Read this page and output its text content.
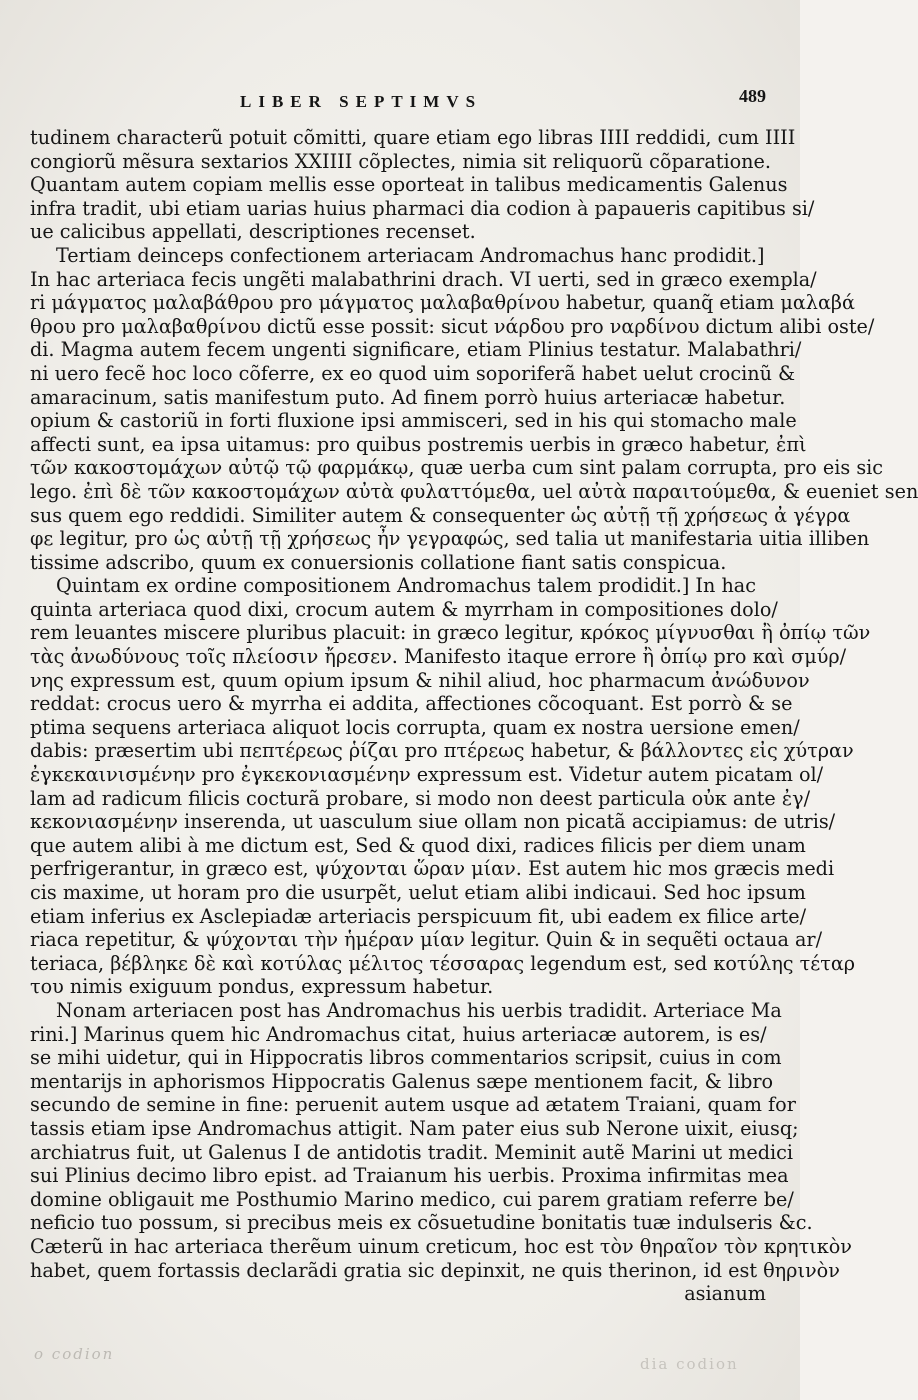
LIBER SEPTIMVS	489
tudinem characterũ potuit cõmitti, quare etiam ego libras IIII reddidi, cum IIII
congiorũ mẽsura sextarios XXIIII cõplectes, nimia sit reliquorũ cõparatione.
Quantam autem copiam mellis esse oporteat in talibus medicamentis Galenus
infra tradit, ubi etiam uarias huius pharmaci dia codion à papaueris capitibus si/
ue calicibus appellati, descriptiones recenset.
Tertiam deinceps confectionem arteriacam Andromachus hanc prodidit.]
In hac arteriaca fecis ungẽti malabathrini drach. VI uerti, sed in græco exempla/
ri μάγματος μαλαβάθρου pro μάγματος μαλαβαθρίνου habetur, quanq̃ etiam μαλαβά
θρου pro μαλαβαθρίνου dictũ esse possit: sicut νάρδου pro ναρδίνου dictum alibi oste/
di. Magma autem fecem ungenti significare, etiam Plinius testatur. Malabathri/
ni uero fecẽ hoc loco cõferre, ex eo quod uim soporiferã habet uelut crocinũ &
amaracinum, satis manifestum puto. Ad finem porrò huius arteriacæ habetur.
opium & castoriũ in forti fluxione ipsi ammisceri, sed in his qui stomacho male
affecti sunt, ea ipsa uitamus: pro quibus postremis uerbis in græco habetur, ἐπὶ
τῶν κακοστομάχων αὐτῷ τῷ φαρμάκῳ, quæ uerba cum sint palam corrupta, pro eis sic
lego. ἐπὶ δὲ τῶν κακοστομάχων αὐτὰ φυλαττόμεθα, uel αὐτὰ παραιτούμεθα, & eueniet sen
sus quem ego reddidi. Similiter autem & consequenter ὡς αὐτῇ τῇ χρήσεως ἀ γέγρα
φε legitur, pro ὡς αὐτῇ τῇ χρήσεως ἦν γεγραφώς, sed talia ut manifestaria uitia illiben
tissime adscribo, quum ex conuersionis collatione fiant satis conspicua.
Quintam ex ordine compositionem Andromachus talem prodidit.] In hac
quinta arteriaca quod dixi, crocum autem & myrrham in compositiones dolo/
rem leuantes miscere pluribus placuit: in græco legitur, κρόκος μίγνυσθαι ἢ ὀπίῳ τῶν
τὰς ἀνωδύνους τοῖς πλείοσιν ἤρεσεν. Manifesto itaque errore ἢ ὀπίῳ pro καὶ σμύρ/
νης expressum est, quum opium ipsum & nihil aliud, hoc pharmacum ἀνώδυνον
reddat: crocus uero & myrrha ei addita, affectiones cõcoquant. Est porrò & se
ptima sequens arteriaca aliquot locis corrupta, quam ex nostra uersione emen/
dabis: præsertim ubi πεπτέρεως ῥίζαι pro πτέρεως habetur, & βάλλοντες εἰς χύτραν
ἐγκεκαινισμένην pro ἐγκεκονιασμένην expressum est. Videtur autem picatam ol/
lam ad radicum filicis cocturã probare, si modo non deest particula οὐκ ante ἐγ/
κεκονιασμένην inserenda, ut uasculum siue ollam non picatã accipiamus: de utris/
que autem alibi à me dictum est, Sed & quod dixi, radices filicis per diem unam
perfrigerantur, in græco est, ψύχονται ὥραν μίαν. Est autem hic mos græcis medi
cis maxime, ut horam pro die usurpẽt, uelut etiam alibi indicaui. Sed hoc ipsum
etiam inferius ex Asclepiadæ arteriacis perspicuum fit, ubi eadem ex filice arte/
riaca repetitur, & ψύχονται τὴν ἡμέραν μίαν legitur. Quin & in sequẽti octaua ar/
teriaca, βέβληκε δὲ καὶ κοτύλας μέλιτος τέσσαρας legendum est, sed κοτύλης τέταρ
του nimis exiguum pondus, expressum habetur.
Nonam arteriacen post has Andromachus his uerbis tradidit. Arteriace Ma
rini.] Marinus quem hic Andromachus citat, huius arteriacæ autorem, is es/
se mihi uidetur, qui in Hippocratis libros commentarios scripsit, cuius in com
mentarijs in aphorismos Hippocratis Galenus sæpe mentionem facit, & libro
secundo de semine in fine: peruenit autem usque ad ætatem Traiani, quam for
tassis etiam ipse Andromachus attigit. Nam pater eius sub Nerone uixit, eiusq;
archiatrus fuit, ut Galenus I de antidotis tradit. Meminit autẽ Marini ut medici
sui Plinius decimo libro epist. ad Traianum his uerbis. Proxima infirmitas mea
domine obligauit me Posthumio Marino medico, cui parem gratiam referre be/
neficio tuo possum, si precibus meis ex cõsuetudine bonitatis tuæ indulseris &c.
Cæterũ in hac arteriaca therẽum uinum creticum, hoc est τὸν θηραῖον τὸν κρητικὸν
habet, quem fortassis declarãdi gratia sic depinxit, ne quis therinon, id est θηρινὸν
asianum
o codion
dia codion
